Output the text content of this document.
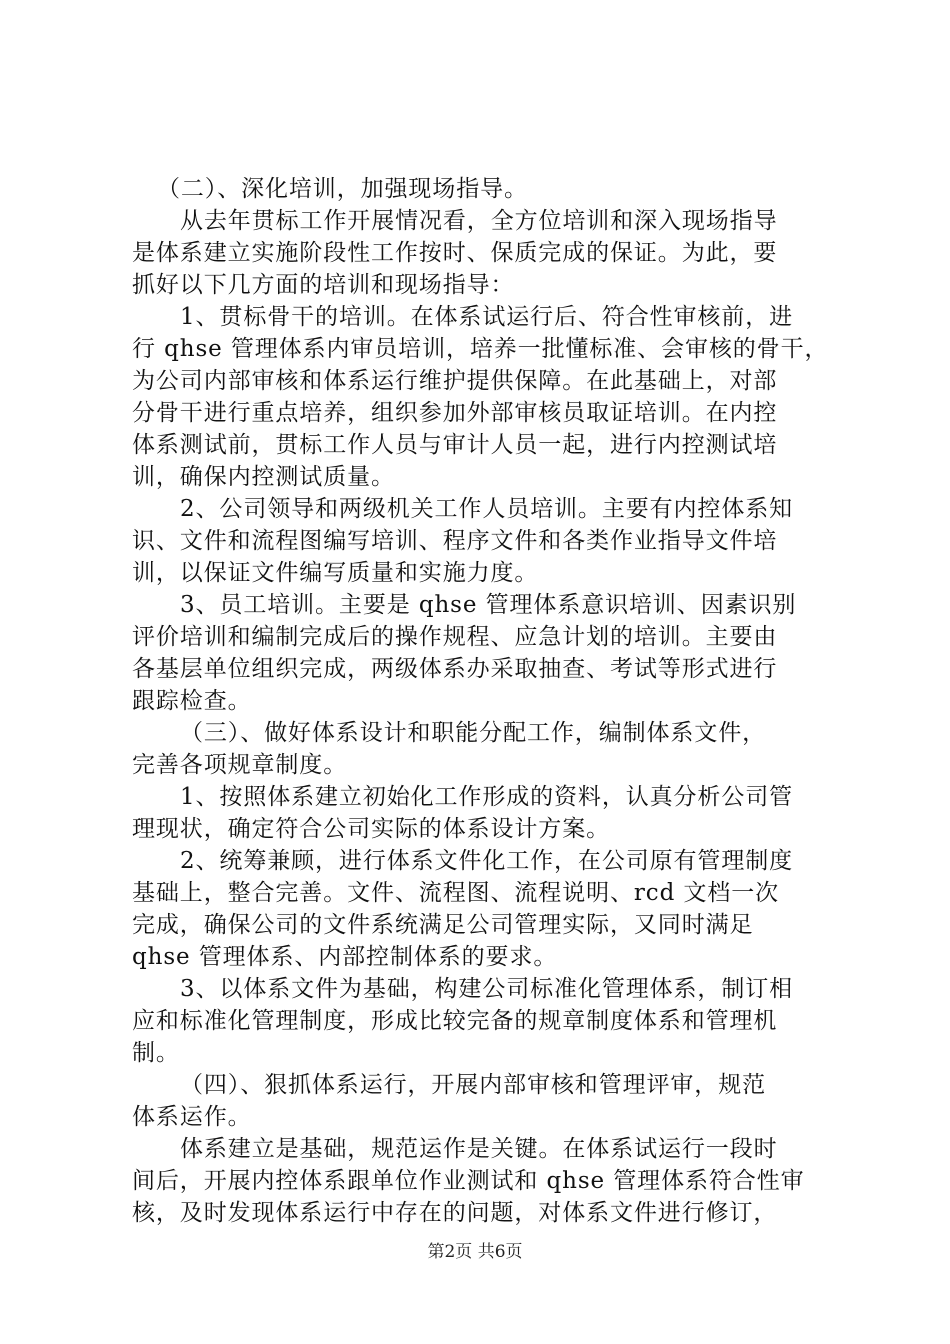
（二）、深化培训，加强现场指导。
从去年贯标工作开展情况看，全方位培训和深入现场指导
是体系建立实施阶段性工作按时、保质完成的保证。为此，要
抓好以下几方面的培训和现场指导：
1、贯标骨干的培训。在体系试运行后、符合性审核前，进
行 qhse 管理体系内审员培训，培养一批懂标准、会审核的骨干，
为公司内部审核和体系运行维护提供保障。在此基础上，对部
分骨干进行重点培养，组织参加外部审核员取证培训。在内控
体系测试前，贯标工作人员与审计人员一起，进行内控测试培
训，确保内控测试质量。
2、公司领导和两级机关工作人员培训。主要有内控体系知
识、文件和流程图编写培训、程序文件和各类作业指导文件培
训，以保证文件编写质量和实施力度。
3、员工培训。主要是 qhse 管理体系意识培训、因素识别
评价培训和编制完成后的操作规程、应急计划的培训。主要由
各基层单位组织完成，两级体系办采取抽查、考试等形式进行
跟踪检查。
（三）、做好体系设计和职能分配工作，编制体系文件，
完善各项规章制度。
1、按照体系建立初始化工作形成的资料，认真分析公司管
理现状，确定符合公司实际的体系设计方案。
2、统筹兼顾，进行体系文件化工作，在公司原有管理制度
基础上，整合完善。文件、流程图、流程说明、rcd 文档一次
完成，确保公司的文件系统满足公司管理实际，又同时满足
qhse 管理体系、内部控制体系的要求。
3、以体系文件为基础，构建公司标准化管理体系，制订相
应和标准化管理制度，形成比较完备的规章制度体系和管理机
制。
（四）、狠抓体系运行，开展内部审核和管理评审，规范
体系运作。
体系建立是基础，规范运作是关键。在体系试运行一段时
间后，开展内控体系跟单位作业测试和 qhse 管理体系符合性审
核，及时发现体系运行中存在的问题，对体系文件进行修订，
第2页 共6页
